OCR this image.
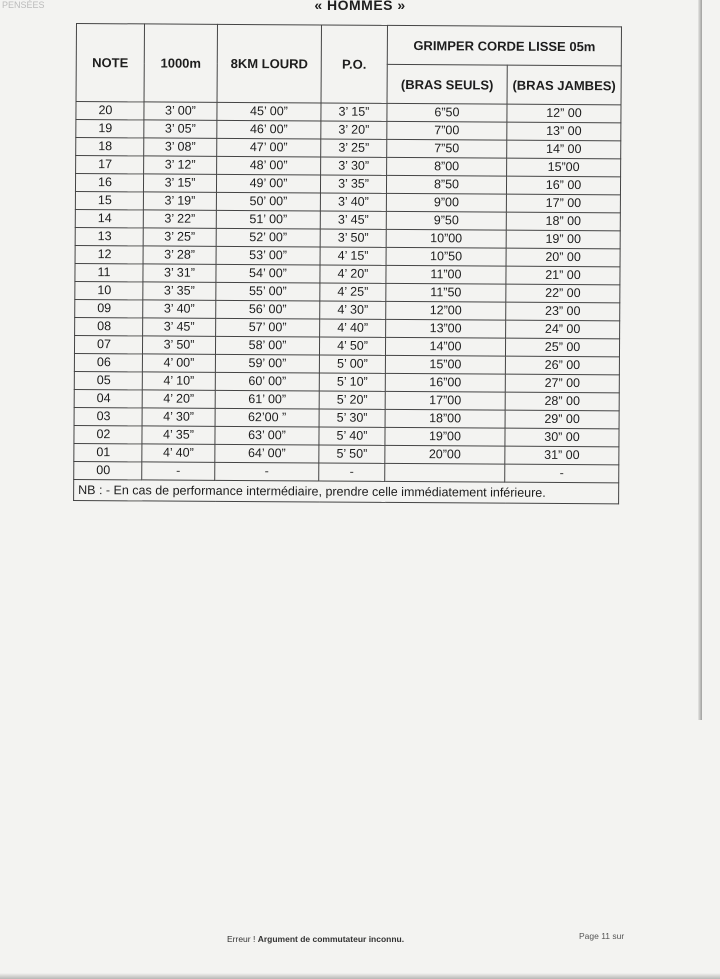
PENSÉES	« HOMMES »
NOTE	1000m	8KM LOURD	P.O.	GRIMPER CORDE LISSE 05m	
				(BRAS SEULS)	(BRAS JAMBES)
20	3’ 00”	45’ 00”	3’ 15”	6”50	12” 00
19	3’ 05”	46’ 00”	3’ 20”	7”00	13” 00
18	3’ 08”	47’ 00”	3’ 25”	7”50	14” 00
17	3’ 12”	48’ 00”	3’ 30”	8”00	15”00
16	3’ 15”	49’ 00”	3’ 35”	8”50	16” 00
15	3’ 19”	50’ 00”	3’ 40”	9”00	17” 00
14	3’ 22”	51’ 00”	3’ 45”	9”50	18” 00
13	3’ 25”	52’ 00”	3’ 50”	10”00	19” 00
12	3’ 28”	53’ 00”	4’ 15”	10”50	20” 00
11	3’ 31”	54’ 00”	4’ 20”	11”00	21” 00
10	3’ 35”	55’ 00”	4’ 25”	11”50	22” 00
09	3’ 40”	56’ 00”	4’ 30”	12”00	23” 00
08	3’ 45”	57’ 00”	4’ 40”	13”00	24” 00
07	3’ 50”	58’ 00”	4’ 50”	14”00	25” 00
06	4’ 00”	59’ 00”	5’ 00”	15”00	26” 00
05	4’ 10”	60’ 00”	5’ 10”	16”00	27” 00
04	4’ 20”	61’ 00”	5’ 20”	17”00	28” 00
03	4’ 30”	62’00 ”	5’ 30”	18”00	29” 00
02	4’ 35”	63’ 00”	5’ 40”	19”00	30” 00
01	4’ 40”	64’ 00”	5’ 50”	20”00	31” 00
00	-	-	-		-
NB : - En cas de performance intermédiaire, prendre celle immédiatement inférieure.					
Erreur ! Argument de commutateur inconnu.	Page 11 sur
